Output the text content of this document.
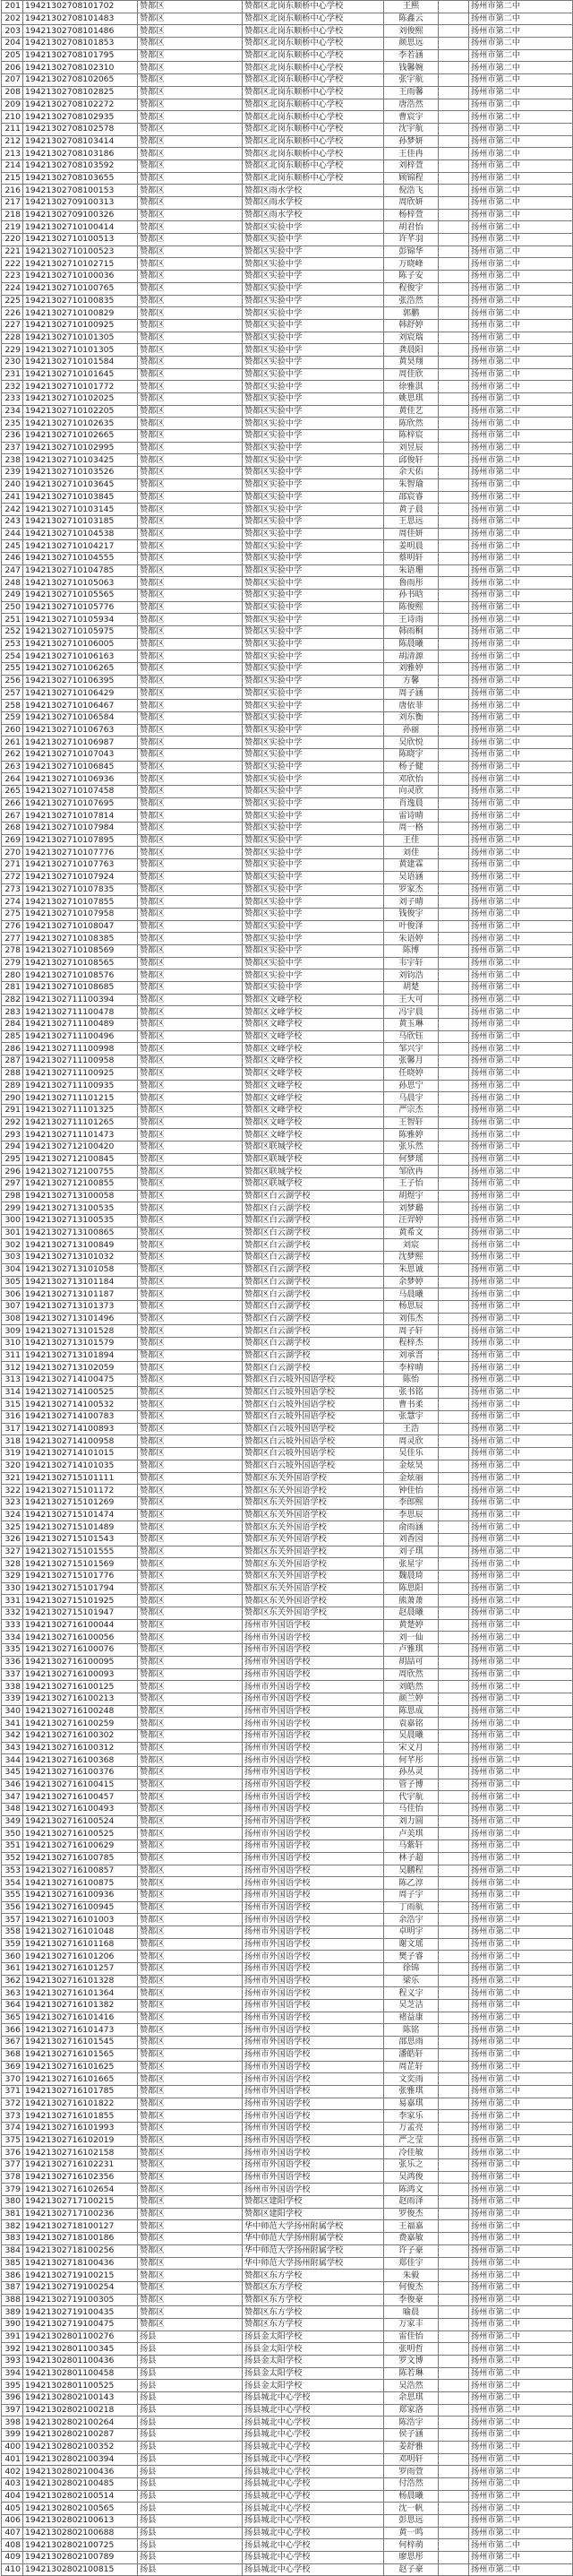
201	19421302708101702	赞都区	赞都区北岗东顺桥中心学校	王熙		扬州市第二中
202	19421302708101483	赞都区	赞都区北岗东顺桥中心学校	陈鑫云		扬州市第二中
203	19421302708101486	赞都区	赞都区北岗东顺桥中心学校	刘俊熙		扬州市第二中
204	19421302708101853	赞都区	赞都区北岗东顺桥中心学校	颜思远		扬州市第二中
205	19421302708101795	赞都区	赞都区北岗东顺桥中心学校	李若涵		扬州市第二中
206	19421302708102310	赞都区	赞都区北岗东顺桥中心学校	钱馨婉		扬州市第二中
207	19421302708102065	赞都区	赞都区北岗东顺桥中心学校	张宇航		扬州市第二中
208	19421302708102825	赞都区	赞都区北岗东顺桥中心学校	王雨馨		扬州市第二中
209	19421302708102272	赞都区	赞都区北岗东顺桥中心学校	唐浩然		扬州市第二中
210	19421302708102935	赞都区	赞都区北岗东顺桥中心学校	曹宸宇		扬州市第二中
211	19421302708102578	赞都区	赞都区北岗东顺桥中心学校	沈宇航		扬州市第二中
212	19421302708103414	赞都区	赞都区北岗东顺桥中心学校	孙梦妍		扬州市第二中
213	19421302708103186	赞都区	赞都区北岗东顺桥中心学校	王佳冉		扬州市第二中
214	19421302708103592	赞都区	赞都区北岗东顺桥中心学校	刘梓萱		扬州市第二中
215	19421302708103655	赞都区	赞都区北岗东顺桥中心学校	顾锦程		扬州市第二中
216	19421302708100153	赞都区	赞都区雨水学校	倪浩飞		扬州市第二中
217	19421302709100313	赞都区	赞都区雨水学校	周欣妍		扬州市第二中
218	19421302709100326	赞都区	赞都区雨水学校	杨梓萱		扬州市第二中
219	19421302710100414	赞都区	赞都区实验中学	胡君怡		扬州市第二中
220	19421302710100513	赞都区	赞都区实验中学	许芊羽		扬州市第二中
221	19421302710100523	赞都区	赞都区实验中学	彭锦华		扬州市第二中
222	19421302710102715	赞都区	赞都区实验中学	万晓峰		扬州市第二中
223	19421302710100036	赞都区	赞都区实验中学	陈子安		扬州市第二中
224	19421302710100765	赞都区	赞都区实验中学	程俊宇		扬州市第二中
225	19421302710100835	赞都区	赞都区实验中学	张浩然		扬州市第二中
226	19421302710100829	赞都区	赞都区实验中学	郭鹏		扬州市第二中
227	19421302710100925	赞都区	赞都区实验中学	韩舒婷		扬州市第二中
228	19421302710101305	赞都区	赞都区实验中学	刘宸瑞		扬州市第二中
229	19421302710101305	赞都区	赞都区实验中学	龚晨阳		扬州市第二中
230	19421302710101584	赞都区	赞都区实验中学	黄昊翔		扬州市第二中
231	19421302710101645	赞都区	赞都区实验中学	周佳欣		扬州市第二中
232	19421302710101772	赞都区	赞都区实验中学	徐雅淇		扬州市第二中
233	19421302710102025	赞都区	赞都区实验中学	姚思琪		扬州市第二中
234	19421302710102205	赞都区	赞都区实验中学	黄佳艺		扬州市第二中
235	19421302710102635	赞都区	赞都区实验中学	陈欣然		扬州市第二中
236	19421302710102665	赞都区	赞都区实验中学	陈梓宸		扬州市第二中
237	19421302710102995	赞都区	赞都区实验中学	刘昱辰		扬州市第二中
238	19421302710103425	赞都区	赞都区实验中学	邱俊轩		扬州市第二中
239	19421302710103526	赞都区	赞都区实验中学	余天佑		扬州市第二中
240	19421302710103645	赞都区	赞都区实验中学	朱智瑜		扬州市第二中
241	19421302710103845	赞都区	赞都区实验中学	邵宸睿		扬州市第二中
242	19421302710103145	赞都区	赞都区实验中学	黄子晨		扬州市第二中
243	19421302710103185	赞都区	赞都区实验中学	王思远		扬州市第二中
244	19421302710104538	赞都区	赞都区实验中学	周佳妍		扬州市第二中
245	19421302710104217	赞都区	赞都区实验中学	姜明晨		扬州市第二中
246	19421302710104555	赞都区	赞都区实验中学	蔡明轩		扬州市第二中
247	19421302710104785	赞都区	赞都区实验中学	朱语珊		扬州市第二中
248	19421302710105063	赞都区	赞都区实验中学	鲁雨彤		扬州市第二中
249	19421302710105565	赞都区	赞都区实验中学	孙书晗		扬州市第二中
250	19421302710105776	赞都区	赞都区实验中学	陈俊熙		扬州市第二中
251	19421302710105934	赞都区	赞都区实验中学	王诗雨		扬州市第二中
252	19421302710105975	赞都区	赞都区实验中学	韩雨桐		扬州市第二中
253	19421302710106005	赞都区	赞都区实验中学	陈晨曦		扬州市第二中
254	19421302710106163	赞都区	赞都区实验中学	胡清源		扬州市第二中
255	19421302710106265	赞都区	赞都区实验中学	刘雅婷		扬州市第二中
256	19421302710106395	赞都区	赞都区实验中学	方馨		扬州市第二中
257	19421302710106429	赞都区	赞都区实验中学	周子涵		扬州市第二中
258	19421302710106467	赞都区	赞都区实验中学	唐依菲		扬州市第二中
259	19421302710106584	赞都区	赞都区实验中学	刘东衡		扬州市第二中
260	19421302710106763	赞都区	赞都区实验中学	孙丽		扬州市第二中
261	19421302710106987	赞都区	赞都区实验中学	吴欣悦		扬州市第二中
262	19421302710107043	赞都区	赞都区实验中学	陈晓宇		扬州市第二中
263	19421302710106845	赞都区	赞都区实验中学	杨子健		扬州市第二中
264	19421302710106936	赞都区	赞都区实验中学	邓欣怡		扬州市第二中
265	19421302710107458	赞都区	赞都区实验中学	向灵欣		扬州市第二中
266	19421302710107695	赞都区	赞都区实验中学	肖逸晨		扬州市第二中
267	19421302710107814	赞都区	赞都区实验中学	雷诗晴		扬州市第二中
268	19421302710107984	赞都区	赞都区实验中学	周一格		扬州市第二中
269	19421302710107895	赞都区	赞都区实验中学	王佳		扬州市第二中
270	19421302710107776	赞都区	赞都区实验中学	刘佳		扬州市第二中
271	19421302710107763	赞都区	赞都区实验中学	黄建霖		扬州市第二中
272	19421302710107924	赞都区	赞都区实验中学	吴语涵		扬州市第二中
273	19421302710107835	赞都区	赞都区实验中学	罗家杰		扬州市第二中
274	19421302710107855	赞都区	赞都区实验中学	刘子晴		扬州市第二中
275	19421302710107958	赞都区	赞都区实验中学	钱俊宇		扬州市第二中
276	19421302710108047	赞都区	赞都区实验中学	叶俊泽		扬州市第二中
277	19421302710108385	赞都区	赞都区实验中学	朱语婷		扬州市第二中
278	19421302710108569	赞都区	赞都区实验中学	陈博		扬州市第二中
279	19421302710108565	赞都区	赞都区实验中学	韦宇轩		扬州市第二中
280	19421302710108576	赞都区	赞都区实验中学	刘钧浩		扬州市第二中
281	19421302710108685	赞都区	赞都区实验中学	胡楚		扬州市第二中
282	19421302711100394	赞都区	赞都区文峰学校	王大可		扬州市第二中
283	19421302711100478	赞都区	赞都区文峰学校	冯宇晨		扬州市第二中
284	19421302711100489	赞都区	赞都区文峰学校	黄玉琳		扬州市第二中
285	19421302711100496	赞都区	赞都区文峰学校	马欣钰		扬州市第二中
286	19421302711100998	赞都区	赞都区文峰学校	邹兴宇		扬州市第二中
287	19421302711100958	赞都区	赞都区文峰学校	张馨月		扬州市第二中
288	19421302711100925	赞都区	赞都区文峰学校	任晓婷		扬州市第二中
289	19421302711100935	赞都区	赞都区文峰学校	孙思宁		扬州市第二中
290	19421302711101215	赞都区	赞都区文峰学校	马晨宇		扬州市第二中
291	19421302711101325	赞都区	赞都区文峰学校	严宗杰		扬州市第二中
292	19421302711101265	赞都区	赞都区文峰学校	王智轩		扬州市第二中
293	19421302711101473	赞都区	赞都区文峰学校	陈雅婷		扬州市第二中
294	19421302712100420	赞都区	赞都区联城学校	张乐然		扬州市第二中
295	19421302712100845	赞都区	赞都区联城学校	何梦瑶		扬州市第二中
296	19421302712100755	赞都区	赞都区联城学校	邹欣冉		扬州市第二中
297	19421302712100855	赞都区	赞都区联城学校	王子怡		扬州市第二中
298	19421302713100058	赞都区	赞都区白云湖学校	胡煜宇		扬州市第二中
299	19421302713100535	赞都区	赞都区白云湖学校	刘梦璐		扬州市第二中
300	19421302713100535	赞都区	赞都区白云湖学校	汪羿婷		扬州市第二中
301	19421302713100865	赞都区	赞都区白云湖学校	黄希文		扬州市第二中
302	19421302713100849	赞都区	赞都区白云湖学校	刘宸		扬州市第二中
303	19421302713101032	赞都区	赞都区白云湖学校	沈梦熙		扬州市第二中
304	19421302713101058	赞都区	赞都区白云湖学校	朱思诚		扬州市第二中
305	19421302713101184	赞都区	赞都区白云湖学校	余梦婷		扬州市第二中
306	19421302713101187	赞都区	赞都区白云湖学校	马晨曦		扬州市第二中
307	19421302713101373	赞都区	赞都区白云湖学校	杨思辰		扬州市第二中
308	19421302713101496	赞都区	赞都区白云湖学校	刘伟杰		扬州市第二中
309	19421302713101528	赞都区	赞都区白云湖学校	周子轩		扬州市第二中
310	19421302713101579	赞都区	赞都区白云湖学校	程梓杰		扬州市第二中
311	19421302713101894	赞都区	赞都区白云湖学校	刘承晋		扬州市第二中
312	19421302713102059	赞都区	赞都区白云湖学校	李梓晴		扬州市第二中
313	19421302714100475	赞都区	赞都区白云坡外国语学校	陈怡		扬州市第二中
314	19421302714100525	赞都区	赞都区白云坡外国语学校	张书铭		扬州市第二中
315	19421302714100532	赞都区	赞都区白云坡外国语学校	曹书柔		扬州市第二中
316	19421302714100783	赞都区	赞都区白云坡外国语学校	张慧宇		扬州市第二中
317	19421302714100893	赞都区	赞都区白云坡外国语学校	王浩		扬州市第二中
318	19421302714100958	赞都区	赞都区白云坡外国语学校	周灵欣		扬州市第二中
319	19421302714101015	赞都区	赞都区白云坡外国语学校	吴佳乐		扬州市第二中
320	19421302714101035	赞都区	赞都区白云坡外国语学校	金炫昊		扬州市第二中
321	19421302715101111	赞都区	赞都区东关外国语学校	金炫丽		扬州市第二中
322	19421302715101172	赞都区	赞都区东关外国语学校	钟佳怡		扬州市第二中
323	19421302715101269	赞都区	赞都区东关外国语学校	李郎熙		扬州市第二中
324	19421302715101474	赞都区	赞都区东关外国语学校	李思辰		扬州市第二中
325	19421302715101489	赞都区	赞都区东关外国语学校	俞雨涵		扬州市第二中
326	19421302715101543	赞都区	赞都区东关外国语学校	刘香园		扬州市第二中
327	19421302715101555	赞都区	赞都区东关外国语学校	刘子琪		扬州市第二中
328	19421302715101569	赞都区	赞都区东关外国语学校	张星宇		扬州市第二中
329	19421302715101776	赞都区	赞都区东关外国语学校	魏晨琦		扬州市第二中
330	19421302715101794	赞都区	赞都区东关外国语学校	陈思阳		扬州市第二中
331	19421302715101925	赞都区	赞都区东关外国语学校	熊萧萧		扬州市第二中
332	19421302715101947	赞都区	赞都区东关外国语学校	赵晨曦		扬州市第二中
333	19421302716100044	赞都区	扬州市外国语学校	黄楚婷		扬州市第二中
334	19421302716100056	赞都区	扬州市外国语学校	刘一仙		扬州市第二中
335	19421302716100076	赞都区	扬州市外国语学校	卢雅琪		扬州市第二中
336	19421302716100095	赞都区	扬州市外国语学校	胡喆可		扬州市第二中
337	19421302716100093	赞都区	扬州市外国语学校	周欣然		扬州市第二中
338	19421302716100125	赞都区	扬州市外国语学校	刘皓然		扬州市第二中
339	19421302716100213	赞都区	扬州市外国语学校	颜兰婷		扬州市第二中
340	19421302716100248	赞都区	扬州市外国语学校	陈思成		扬州市第二中
341	19421302716100259	赞都区	扬州市外国语学校	袁嘉铭		扬州市第二中
342	19421302716100302	赞都区	扬州市外国语学校	吴晨曦		扬州市第二中
343	19421302716100312	赞都区	扬州市外国语学校	宋义月		扬州市第二中
344	19421302716100368	赞都区	扬州市外国语学校	何芊彤		扬州市第二中
345	19421302716100376	赞都区	扬州市外国语学校	孙丛灵		扬州市第二中
346	19421302716100415	赞都区	扬州市外国语学校	管子博		扬州市第二中
347	19421302716100457	赞都区	扬州市外国语学校	代宇航		扬州市第二中
348	19421302716100493	赞都区	扬州市外国语学校	马佳怡		扬州市第二中
349	19421302716100524	赞都区	扬州市外国语学校	刘力圆		扬州市第二中
350	19421302716100525	赞都区	扬州市外国语学校	卢美琪		扬州市第二中
351	19421302716100629	赞都区	扬州市外国语学校	马紫轩		扬州市第二中
352	19421302716100785	赞都区	扬州市外国语学校	林子超		扬州市第二中
353	19421302716100857	赞都区	扬州市外国语学校	吴鹏程		扬州市第二中
354	19421302716100875	赞都区	扬州市外国语学校	陈乙淳		扬州市第二中
355	19421302716100936	赞都区	扬州市外国语学校	周子宇		扬州市第二中
356	19421302716100945	赞都区	扬州市外国语学校	丁雨航		扬州市第二中
357	19421302716101003	赞都区	扬州市外国语学校	余浩宇		扬州市第二中
358	19421302716101048	赞都区	扬州市外国语学校	卓明宇		扬州市第二中
359	19421302716101168	赞都区	扬州市外国语学校	谢文瑶		扬州市第二中
360	19421302716101206	赞都区	扬州市外国语学校	樊子睿		扬州市第二中
361	19421302716101257	赞都区	扬州市外国语学校	徐锦		扬州市第二中
362	19421302716101328	赞都区	扬州市外国语学校	梁乐		扬州市第二中
363	19421302716101364	赞都区	扬州市外国语学校	程义宇		扬州市第二中
364	19421302716101382	赞都区	扬州市外国语学校	吴芝洁		扬州市第二中
365	19421302716101416	赞都区	扬州市外国语学校	褚益康		扬州市第二中
366	19421302716101473	赞都区	扬州市外国语学校	陈铭		扬州市第二中
367	19421302716101545	赞都区	扬州市外国语学校	邵思雨		扬州市第二中
368	19421302716101565	赞都区	扬州市外国语学校	潘皓轩		扬州市第二中
369	19421302716101625	赞都区	扬州市外国语学校	周芷轩		扬州市第二中
370	19421302716101665	赞都区	扬州市外国语学校	文奕雨		扬州市第二中
371	19421302716101785	赞都区	扬州市外国语学校	张雅琪		扬州市第二中
372	19421302716101822	赞都区	扬州市外国语学校	易嘉琪		扬州市第二中
373	19421302716101855	赞都区	扬州市外国语学校	李家乐		扬州市第二中
374	19421302716101993	赞都区	扬州市外国语学校	万孟亮		扬州市第二中
375	19421302716102019	赞都区	扬州市外国语学校	严之莹		扬州市第二中
376	19421302716102158	赞都区	扬州市外国语学校	冷佳敏		扬州市第二中
377	19421302716102231	赞都区	扬州市外国语学校	张乐之		扬州市第二中
378	19421302716102356	赞都区	扬州市外国语学校	吴鸿俊		扬州市第二中
379	19421302716102654	赞都区	扬州市外国语学校	陈鸿文		扬州市第二中
380	19421302717100215	赞都区	赞都区建阳学校	赵雨泽		扬州市第二中
381	19421302717100236	赞都区	赞都区建阳学校	罗俊杰		扬州市第二中
382	19421302718100127	赞都区	华中师范大学扬州附属学校	王福嘉		扬州市第二中
383	19421302718100186	赞都区	华中师范大学扬州附属学校	费嘉敏		扬州市第二中
384	19421302718100256	赞都区	华中师范大学扬州附属学校	许子豪		扬州市第二中
385	19421302718100436	赞都区	华中师范大学扬州附属学校	郑佳宇		扬州市第二中
386	19421302719100215	赞都区	赞都区东方学校	朱毅		扬州市第二中
387	19421302719100254	赞都区	赞都区东方学校	何俊杰		扬州市第二中
388	19421302719100305	赞都区	赞都区东方学校	李俊豪		扬州市第二中
389	19421302719100435	赞都区	赞都区东方学校	喻晨		扬州市第二中
390	19421302719100475	赞都区	赞都区东方学校	万家丰		扬州市第二中
391	19421302801100276	扬县	扬县金太阳学校	雷佳怡		扬州市第二中
392	19421302801100345	扬县	扬县金太阳学校	张明哲		扬州市第二中
393	19421302801100436	扬县	扬县金太阳学校	罗文博		扬州市第二中
394	19421302801100458	扬县	扬县金太阳学校	陈若琳		扬州市第二中
395	19421302801100525	扬县	扬县金太阳学校	吴浩然		扬州市第二中
396	19421302802100143	扬县	扬县城北中心学校	余思琪		扬州市第二中
397	19421302802100218	扬县	扬县城北中心学校	郑家洛		扬州市第二中
398	19421302802100264	扬县	扬县城北中心学校	陈浩宇		扬州市第二中
399	19421302802100287	扬县	扬县城北中心学校	侯子涵		扬州市第二中
400	19421302802100352	扬县	扬县城北中心学校	姜舒雅		扬州市第二中
401	19421302802100394	扬县	扬县城北中心学校	邓明轩		扬州市第二中
402	19421302802100436	扬县	扬县城北中心学校	罗雨萱		扬州市第二中
403	19421302802100485	扬县	扬县城北中心学校	付浩然		扬州市第二中
404	19421302802100514	扬县	扬县城北中心学校	杨晨曦		扬州市第二中
405	19421302802100565	扬县	扬县城北中心学校	沈一帆		扬州市第二中
406	19421302802100613	扬县	扬县城北中心学校	彭思远		扬州市第二中
407	19421302802100688	扬县	扬县城北中心学校	黄一鸣		扬州市第二中
408	19421302802100725	扬县	扬县城北中心学校	何梓萌		扬州市第二中
409	19421302802100789	扬县	扬县城北中心学校	廖思彤		扬州市第二中
410	19421302802100815	扬县	扬县城北中心学校	赵子豪		扬州市第二中
